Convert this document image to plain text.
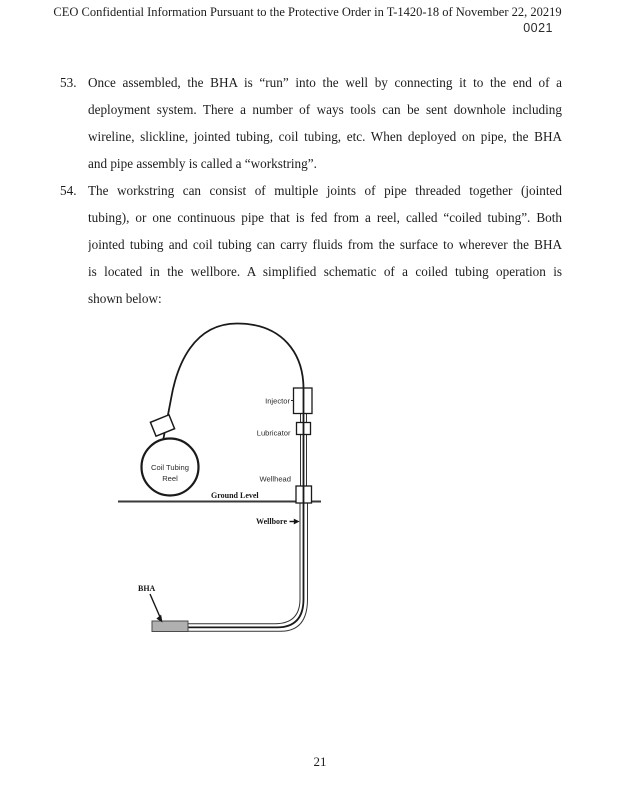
CEO Confidential Information Pursuant to the Protective Order in T-1420-18 of November 22, 20219
0021
53. Once assembled, the BHA is “run” into the well by connecting it to the end of a
deployment system. There a number of ways tools can be sent downhole including
wireline, slickline, jointed tubing, coil tubing, etc. When deployed on pipe, the BHA
and pipe assembly is called a “workstring”.
54. The workstring can consist of multiple joints of pipe threaded together (jointed
tubing), or one continuous pipe that is fed from a reel, called “coiled tubing”. Both
jointed tubing and coil tubing can carry fluids from the surface to wherever the BHA
is located in the wellbore. A simplified schematic of a coiled tubing operation is
shown below:
Coil Tubing
Reel
Ground Level
Injector
Lubricator
Wellhead
Wellbore
BHA
21
